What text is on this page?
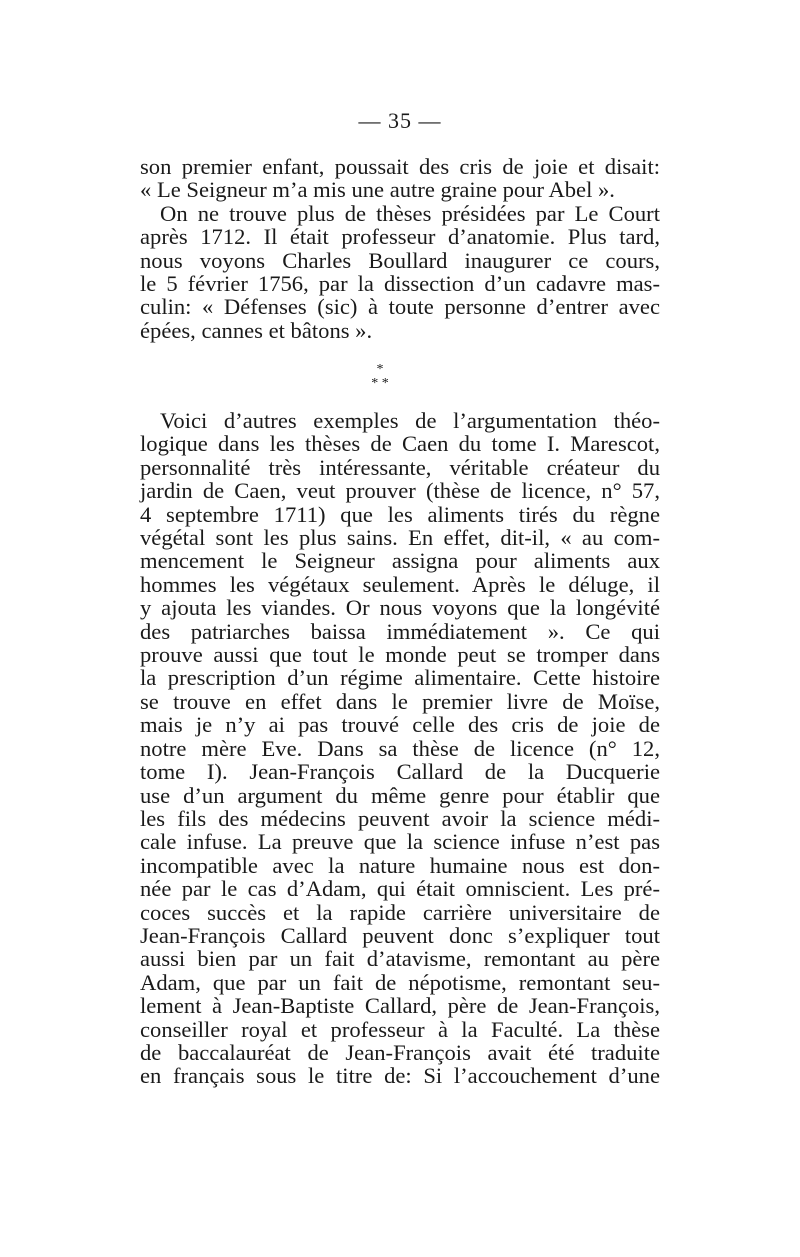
— 35 —
son premier enfant, poussait des cris de joie et disait:
« Le Seigneur m’a mis une autre graine pour Abel ».
On ne trouve plus de thèses présidées par Le Court
après 1712. Il était professeur d’anatomie. Plus tard,
nous voyons Charles Boullard inaugurer ce cours,
le 5 février 1756, par la dissection d’un cadavre mas-
culin: « Défenses (sic) à toute personne d’entrer avec
épées, cannes et bâtons ».
*
* *
Voici d’autres exemples de l’argumentation théo-
logique dans les thèses de Caen du tome I. Marescot,
personnalité très intéressante, véritable créateur du
jardin de Caen, veut prouver (thèse de licence, n° 57,
4 septembre 1711) que les aliments tirés du règne
végétal sont les plus sains. En effet, dit-il, « au com-
mencement le Seigneur assigna pour aliments aux
hommes les végétaux seulement. Après le déluge, il
y ajouta les viandes. Or nous voyons que la longévité
des patriarches baissa immédiatement ». Ce qui
prouve aussi que tout le monde peut se tromper dans
la prescription d’un régime alimentaire. Cette histoire
se trouve en effet dans le premier livre de Moïse,
mais je n’y ai pas trouvé celle des cris de joie de
notre mère Eve. Dans sa thèse de licence (n° 12,
tome I). Jean-François Callard de la Ducquerie
use d’un argument du même genre pour établir que
les fils des médecins peuvent avoir la science médi-
cale infuse. La preuve que la science infuse n’est pas
incompatible avec la nature humaine nous est don-
née par le cas d’Adam, qui était omniscient. Les pré-
coces succès et la rapide carrière universitaire de
Jean-François Callard peuvent donc s’expliquer tout
aussi bien par un fait d’atavisme, remontant au père
Adam, que par un fait de népotisme, remontant seu-
lement à Jean-Baptiste Callard, père de Jean-François,
conseiller royal et professeur à la Faculté. La thèse
de baccalauréat de Jean-François avait été traduite
en français sous le titre de: Si l’accouchement d’une
